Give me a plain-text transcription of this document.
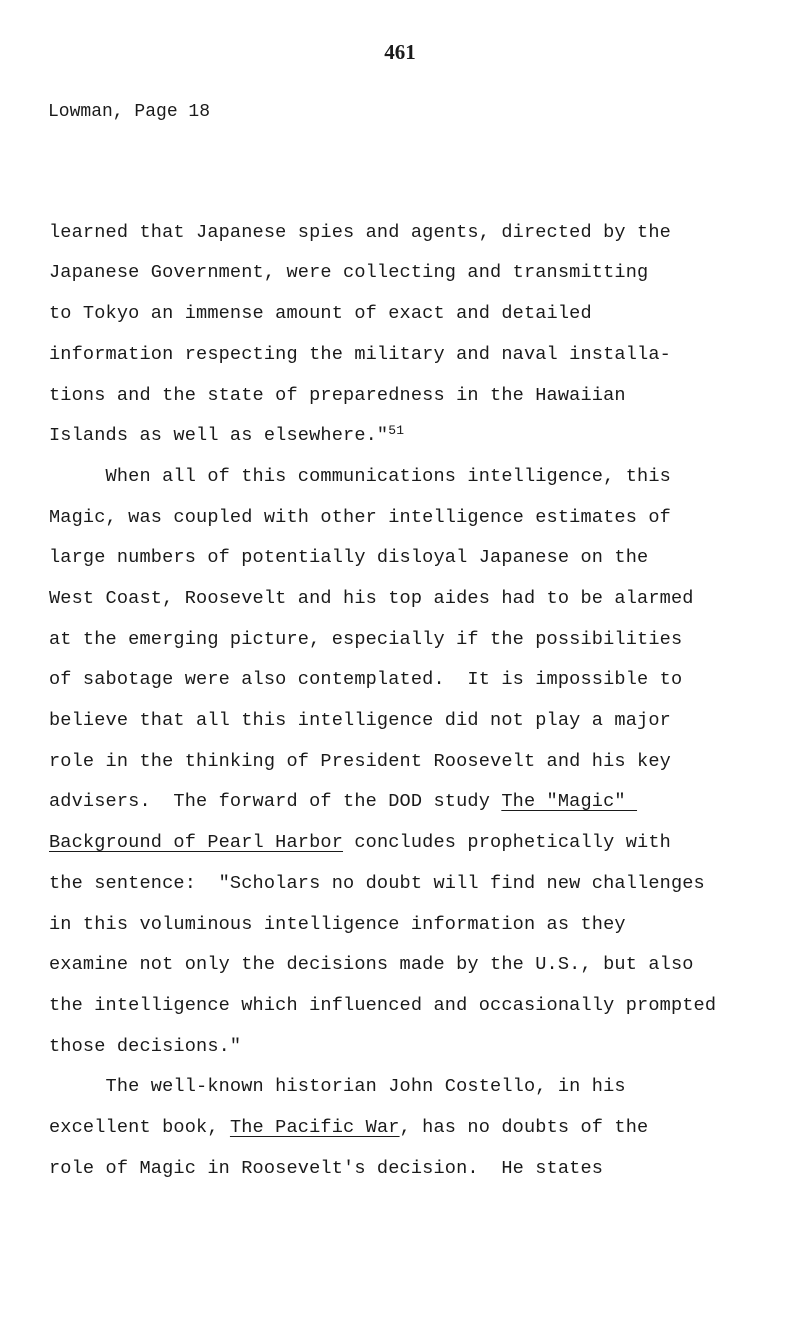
461
Lowman, Page 18
learned that Japanese spies and agents, directed by the
Japanese Government, were collecting and transmitting
to Tokyo an immense amount of exact and detailed
information respecting the military and naval installa-
tions and the state of preparedness in the Hawaiian
Islands as well as elsewhere."$^{51}$
When all of this communications intelligence, this
Magic, was coupled with other intelligence estimates of
large numbers of potentially disloyal Japanese on the
West Coast, Roosevelt and his top aides had to be alarmed
at the emerging picture, especially if the possibilities
of sabotage were also contemplated.  It is impossible to
believe that all this intelligence did not play a major
role in the thinking of President Roosevelt and his key
advisers.  The forward of the DOD study The "Magic"
Background of Pearl Harbor concludes prophetically with
the sentence:  "Scholars no doubt will find new challenges
in this voluminous intelligence information as they
examine not only the decisions made by the U.S., but also
the intelligence which influenced and occasionally prompted
those decisions."
The well-known historian John Costello, in his
excellent book, The Pacific War, has no doubts of the
role of Magic in Roosevelt's decision.  He states
